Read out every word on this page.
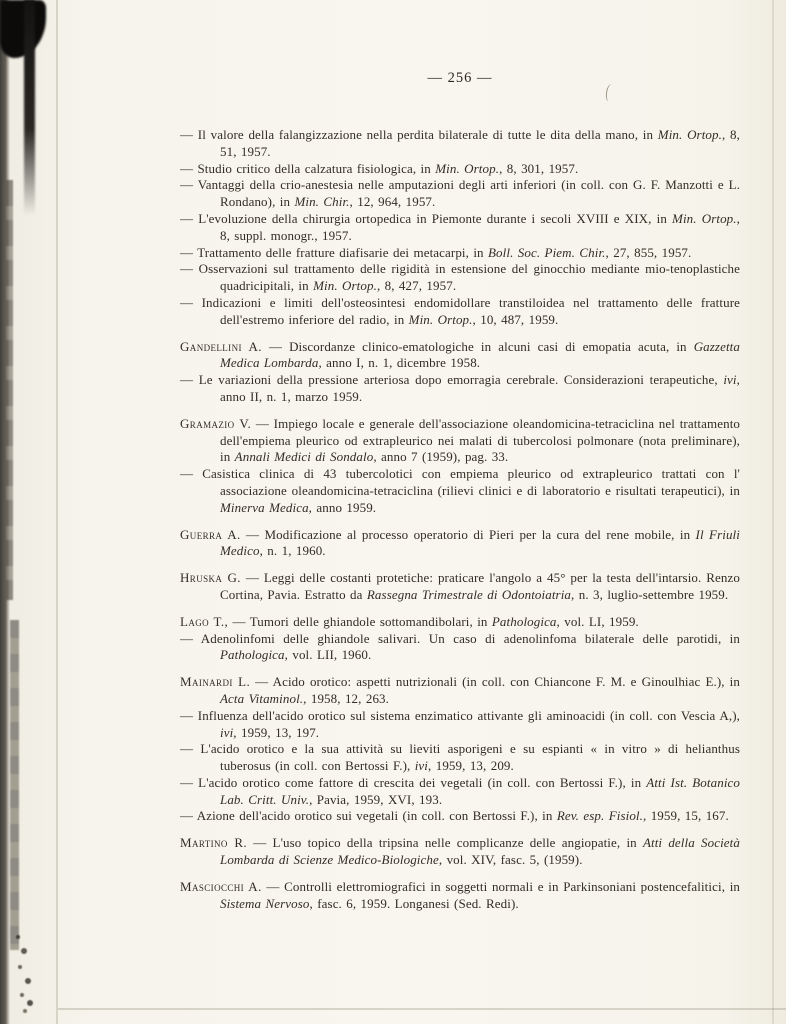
— 256 —

— Il valore della falangizzazione nella perdita bilaterale di tutte le dita della mano, in Min. Ortop., 8, 51, 1957.

— Studio critico della calzatura fisiologica, in Min. Ortop., 8, 301, 1957.

— Vantaggi della crio-anestesia nelle amputazioni degli arti inferiori (in coll. con G. F. Manzotti e L. Rondano), in Min. Chir., 12, 964, 1957.

— L'evoluzione della chirurgia ortopedica in Piemonte durante i secoli XVIII e XIX, in Min. Ortop., 8, suppl. monogr., 1957.

— Trattamento delle fratture diafisarie dei metacarpi, in Boll. Soc. Piem. Chir., 27, 855, 1957.

— Osservazioni sul trattamento delle rigidità in estensione del ginocchio mediante mio-tenoplastiche quadricipitali, in Min. Ortop., 8, 427, 1957.

— Indicazioni e limiti dell'osteosintesi endomidollare transtiloidea nel trattamento delle fratture dell'estremo inferiore del radio, in Min. Ortop., 10, 487, 1959.

Gandellini A. — Discordanze clinico-ematologiche in alcuni casi di emopatia acuta, in Gazzetta Medica Lombarda, anno I, n. 1, dicembre 1958.

— Le variazioni della pressione arteriosa dopo emorragia cerebrale. Considerazioni terapeutiche, ivi, anno II, n. 1, marzo 1959.

Gramazio V. — Impiego locale e generale dell'associazione oleandomicina-tetraciclina nel trattamento dell'empiema pleurico od extrapleurico nei malati di tubercolosi polmonare (nota preliminare), in Annali Medici di Sondalo, anno 7 (1959), pag. 33.

— Casistica clinica di 43 tubercolotici con empiema pleurico od extrapleurico trattati con l' associazione oleandomicina-tetraciclina (rilievi clinici e di laboratorio e risultati terapeutici), in Minerva Medica, anno 1959.

Guerra A. — Modificazione al processo operatorio di Pieri per la cura del rene mobile, in Il Friuli Medico, n. 1, 1960.

Hruska G. — Leggi delle costanti protetiche: praticare l'angolo a 45° per la testa dell'intarsio. Renzo Cortina, Pavia. Estratto da Rassegna Trimestrale di Odontoiatria, n. 3, luglio-settembre 1959.

Lago T., — Tumori delle ghiandole sottomandibolari, in Pathologica, vol. LI, 1959.

— Adenolinfomi delle ghiandole salivari. Un caso di adenolinfoma bilaterale delle parotidi, in Pathologica, vol. LII, 1960.

Mainardi L. — Acido orotico: aspetti nutrizionali (in coll. con Chiancone F. M. e Ginoulhiac E.), in Acta Vitaminol., 1958, 12, 263.

— Influenza dell'acido orotico sul sistema enzimatico attivante gli aminoacidi (in coll. con Vescia A,), ivi, 1959, 13, 197.

— L'acido orotico e la sua attività su lieviti asporigeni e su espianti « in vitro » di helianthus tuberosus (in coll. con Bertossi F.), ivi, 1959, 13, 209.

— L'acido orotico come fattore di crescita dei vegetali (in coll. con Bertossi F.), in Atti Ist. Botanico Lab. Critt. Univ., Pavia, 1959, XVI, 193.

— Azione dell'acido orotico sui vegetali (in coll. con Bertossi F.), in Rev. esp. Fisiol., 1959, 15, 167.

Martino R. — L'uso topico della tripsina nelle complicanze delle angiopatie, in Atti della Società Lombarda di Scienze Medico-Biologiche, vol. XIV, fasc. 5, (1959).

Masciocchi A. — Controlli elettromiografici in soggetti normali e in Parkinsoniani postencefalitici, in Sistema Nervoso, fasc. 6, 1959. Longanesi (Sed. Redi).
